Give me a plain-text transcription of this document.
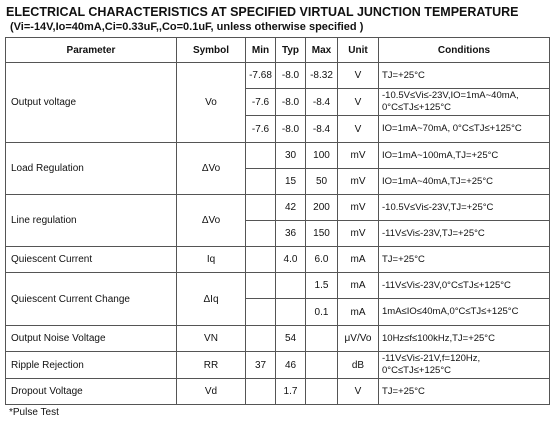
ELECTRICAL CHARACTERISTICS AT SPECIFIED VIRTUAL JUNCTION TEMPERATURE
(Vi=-14V,Io=40mA,Ci=0.33uF,,Co=0.1uF, unless otherwise specified )
Parameter	Symbol	Min	Typ	Max	Unit	Conditions
Output voltage	Vo	-7.68	-8.0	-8.32	V	TJ=+25°C
		-7.6	-8.0	-8.4	V	-10.5V≤Vi≤-23V,IO=1mA~40mA, 0°C≤TJ≤+125°C
		-7.6	-8.0	-8.4	V	IO=1mA~70mA, 0°C≤TJ≤+125°C
Load Regulation	ΔVo		30	100	mV	IO=1mA~100mA,TJ=+25°C
			15	50	mV	IO=1mA~40mA,TJ=+25°C
Line regulation	ΔVo		42	200	mV	-10.5V≤Vi≤-23V,TJ=+25°C
			36	150	mV	-11V≤Vi≤-23V,TJ=+25°C
Quiescent Current	Iq		4.0	6.0	mA	TJ=+25°C
Quiescent Current Change	ΔIq			1.5	mA	-11V≤Vi≤-23V,0°C≤TJ≤+125°C
				0.1	mA	1mA≤IO≤40mA,0°C≤TJ≤+125°C
Output Noise Voltage	VN		54		μV/Vo	10Hz≤f≤100kHz,TJ=+25°C
Ripple Rejection	RR	37	46		dB	-11V≤Vi≤-21V,f=120Hz, 0°C≤TJ≤+125°C
Dropout Voltage	Vd		1.7		V	TJ=+25°C
*Pulse Test
